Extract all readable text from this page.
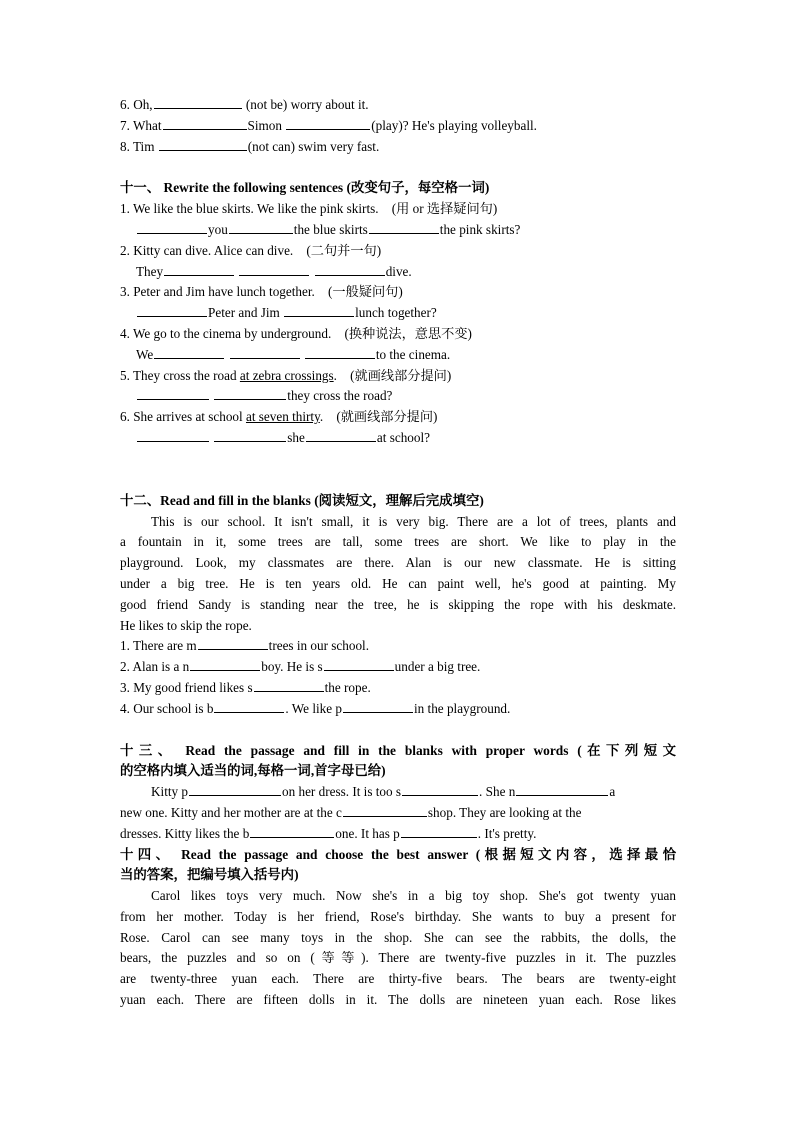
6. Oh,	(not be) worry about it.
7. What	Simon	(play)? He's playing volleyball.
8. Tim	(not can) swim very fast.
十一、 Rewrite the following sentences (改变句子，每空格一词)
1. We like the blue skirts. We like the pink skirts. (用 or 选择疑问句)
you	the blue skirts	the pink skirts?
2. Kitty can dive. Alice can dive. (二句并一句)
They	dive.
3. Peter and Jim have lunch together. (一般疑问句)
Peter and Jim	lunch together?
4. We go to the cinema by underground. (换种说法，意思不变)
We	to the cinema.
5. They cross the road at zebra crossings. (就画线部分提问)
they cross the road?
6. She arrives at school at seven thirty. (就画线部分提问)
she	at school?
十二、Read and fill in the blanks (阅读短文，理解后完成填空)
This is our school. It isn't small, it is very big. There are a lot of trees, plants and
a fountain in it, some trees are tall, some trees are short. We like to play in the
playground. Look, my classmates are there. Alan is our new classmate. He is sitting
under a big tree. He is ten years old. He can paint well, he's good at painting. My
good friend Sandy is standing near the tree, he is skipping the rope with his deskmate.
He likes to skip the rope.
1. There are m	trees in our school.
2. Alan is a n	boy. He is s	under a big tree.
3. My good friend likes s	the rope.
4. Our school is b	. We like p	in the playground.
十三、 Read the passage and fill in the blanks with proper words (在下列短文
的空格内填入适当的词,每格一词,首字母已给)
Kitty p	on her dress. It is too s	. She n	a
new one. Kitty and her mother are at the c	shop. They are looking at the
dresses. Kitty likes the b	one. It has p	. It's pretty.
十四、 Read the passage and choose the best answer (根据短文内容，选择最恰
当的答案，把编号填入括号内)
Carol likes toys very much. Now she's in a big toy shop. She's got twenty yuan
from her mother. Today is her friend, Rose's birthday. She wants to buy a present for
Rose. Carol can see many toys in the shop. She can see the rabbits, the dolls, the
bears, the puzzles and so on (等等). There are twenty-five puzzles in it. The puzzles
are twenty-three yuan each. There are thirty-five bears. The bears are twenty-eight
yuan each. There are fifteen dolls in it. The dolls are nineteen yuan each. Rose likes
